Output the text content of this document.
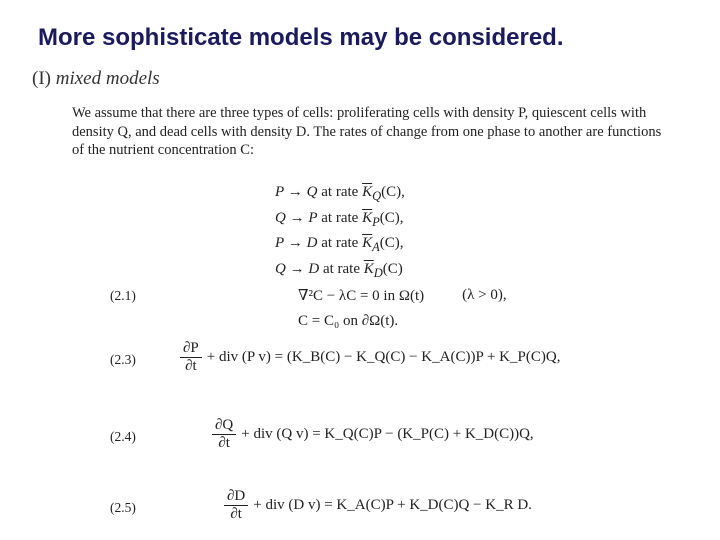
More sophisticate models may be considered.
(I) mixed models
We assume that there are three types of cells: proliferating cells with density P, quiescent cells with density Q, and dead cells with density D. The rates of change from one phase to another are functions of the nutrient concentration C:
P → Q at rate $\overline{K}_Q(C)$,
Q → P at rate $\overline{K}_P(C)$,
P → D at rate $\overline{K}_A(C)$,
Q → D at rate $\overline{K}_D(C)$
(2.1)	∇²C − λC = 0 in Ω(t)	(λ > 0),
C = C₀ on ∂Ω(t).
(2.3)	$\frac{\partial P}{\partial t}$ + div (P v) = (K_B(C) − K_Q(C) − K_A(C))P + K_P(C)Q,
(2.4)	$\frac{\partial Q}{\partial t}$ + div (Q v) = K_Q(C)P − (K_P(C) + K_D(C))Q,
(2.5)	$\frac{\partial D}{\partial t}$ + div (D v) = K_A(C)P + K_D(C)Q − K_R D.
